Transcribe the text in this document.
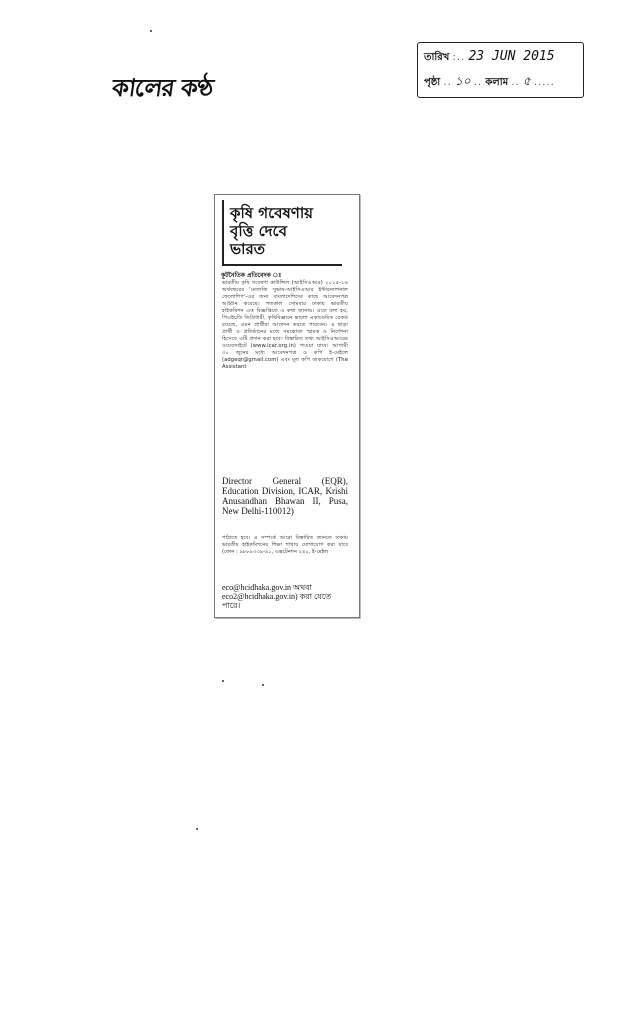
কালের কণ্ঠ
তারিখ :.. 23 JUN 2015
পৃষ্ঠা .. ১০ .. কলাম .. ৫ .....
কৃষি গবেষণায়
বৃত্তি দেবে
ভারত
কূটনৈতিক প্রতিবেদক ঃ
ভারতীয় কৃষি গবেষণা কাউন্সিল (আইসিএআর) ২০১৫-১৬ অর্থবছরের 'নেতাজি সুভাষ-আইসিএআর ইন্টারন্যাশনাল ফেলোশিপ'-এর জন্য বাংলাদেশিদের কাছে আবেদনপত্র আহ্বান করেছে। গতকাল সোমবার ঢাকায় ভারতীয় হাইকমিশন এক বিজ্ঞপ্তিতে এ কথা জানায়। এতে বলা হয়, পিএইচডি ডিগ্রিধারী, কৃষিবিজ্ঞানে ভালো একাডেমিক রেকর্ড রয়েছে, এমন প্রার্থীরা আবেদন করতে পারবেন। এ ছাড়া প্রার্থী ও প্রতিষ্ঠানের মধ্যে সমঝোতা স্মারক ও নির্দেশনা হিসেবে এটি প্রদান করা হবে। বিস্তারিত তথ্য আইসিএআরের ওয়েবসাইটে (www.icar.org.in) পাওয়া যাবে। আগামী ৩০ জুনের মধ্যে আবেদনপত্র ও কপি ই-মেইলে (adgeqr@gmail.com) এবং মূল কপি ডাকযোগে (The Assistant
Director General (EQR), Education Division, ICAR, Krishi Anusandhan Bhawan II, Pusa, New Delhi-110012)
পাঠাতে হবে। এ সম্পর্কে আরো বিস্তারিত জানতে ঢাকায় ভারতীয় হাইকমিশনের শিক্ষা শাখায় যোগাযোগ করা যাবে (ফোন : ৯৮৮৯৩৩৯-৯১, এক্সটেনশন ২৪০, ই-মেইল
eco@hcidhaka.gov.in অথবা eco2@hcidhaka.gov.in) করা যেতে পারে।
